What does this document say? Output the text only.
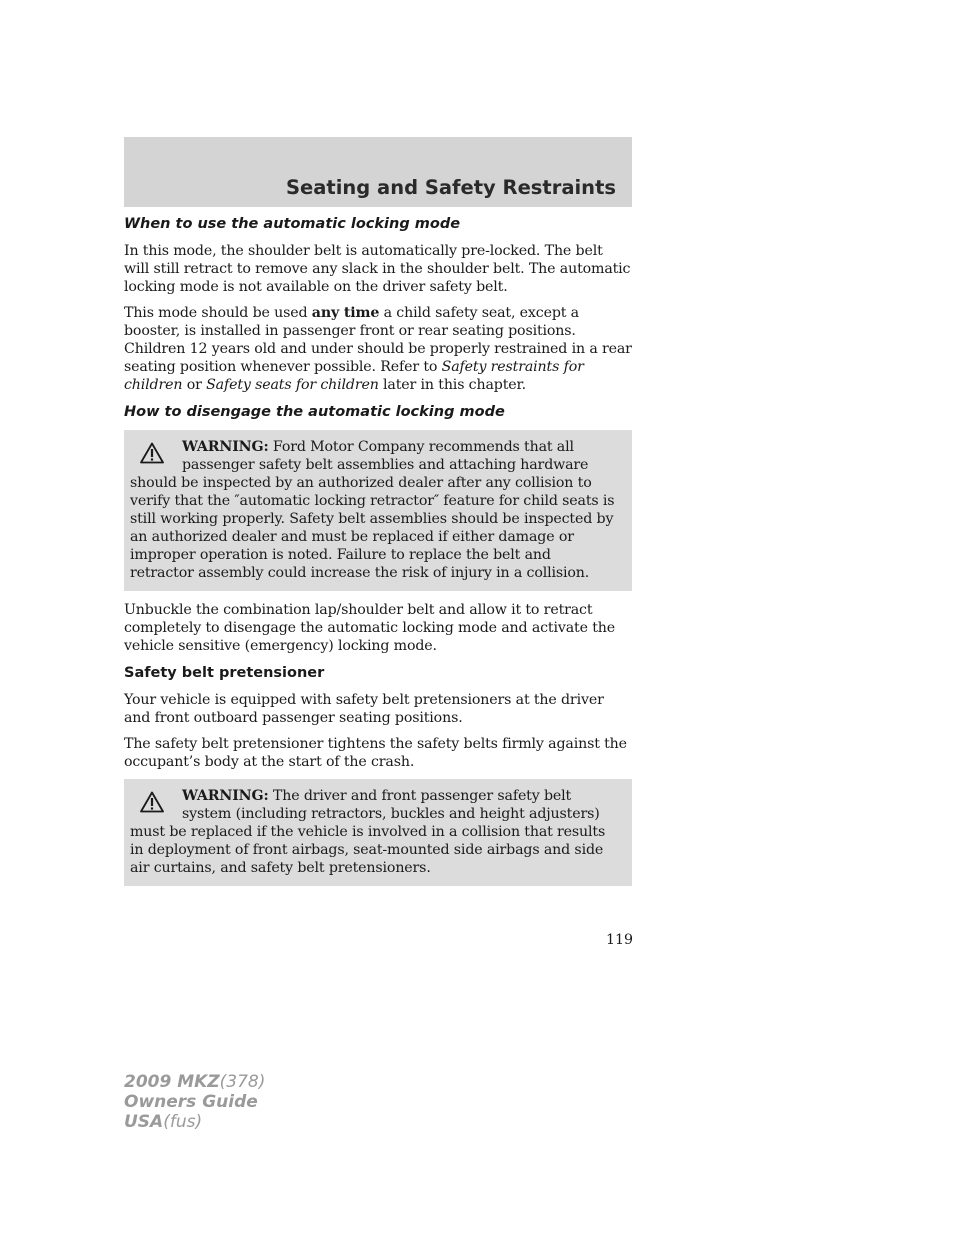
Seating and Safety Restraints
When to use the automatic locking mode

In this mode, the shoulder belt is automatically pre-locked. The belt will still retract to remove any slack in the shoulder belt. The automatic locking mode is not available on the driver safety belt.

This mode should be used any time a child safety seat, except a booster, is installed in passenger front or rear seating positions. Children 12 years old and under should be properly restrained in a rear seating position whenever possible. Refer to Safety restraints for children or Safety seats for children later in this chapter.

How to disengage the automatic locking mode
WARNING: Ford Motor Company recommends that all passenger safety belt assemblies and attaching hardware should be inspected by an authorized dealer after any collision to verify that the ″automatic locking retractor″ feature for child seats is still working properly. Safety belt assemblies should be inspected by an authorized dealer and must be replaced if either damage or improper operation is noted. Failure to replace the belt and retractor assembly could increase the risk of injury in a collision.

Unbuckle the combination lap/shoulder belt and allow it to retract completely to disengage the automatic locking mode and activate the vehicle sensitive (emergency) locking mode.

Safety belt pretensioner

Your vehicle is equipped with safety belt pretensioners at the driver and front outboard passenger seating positions.

The safety belt pretensioner tightens the safety belts firmly against the occupant’s body at the start of the crash.

WARNING: The driver and front passenger safety belt system (including retractors, buckles and height adjusters) must be replaced if the vehicle is involved in a collision that results in deployment of front airbags, seat-mounted side airbags and side air curtains, and safety belt pretensioners.
119
2009 MKZ(378)
Owners Guide
USA(fus)
